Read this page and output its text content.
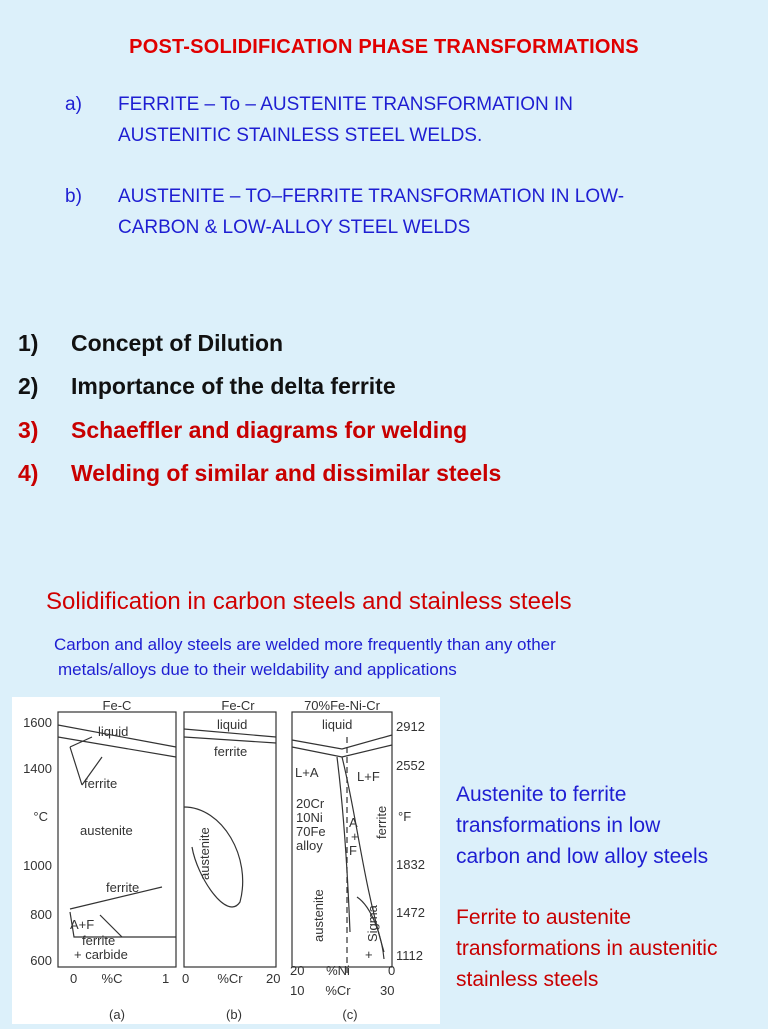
POST-SOLIDIFICATION PHASE TRANSFORMATIONS
a) FERRITE – To – AUSTENITE TRANSFORMATION IN
AUSTENITIC STAINLESS STEEL WELDS.
b) AUSTENITE – TO–FERRITE TRANSFORMATION IN LOW-
CARBON & LOW-ALLOY STEEL WELDS
1) Concept of Dilution
2) Importance of the delta ferrite
3) Schaeffler and diagrams for welding
4) Welding of similar and dissimilar steels
Solidification in carbon steels and stainless steels
Carbon and alloy steels are welded more frequently than any other
metals/alloys due to their weldability and applications
Fe-C	Fe-Cr	70%Fe-Ni-Cr
1600
1400
°C
1000
800
600
liquid
ferrite
austenite
ferrite
A+F
ferrite
+ carbide
0 %C	1
(a)
liquid
ferrite
austenite
0 %Cr 20
(b)
liquid
L+A	L+F
20Cr
10Ni
70Fe
alloy
A
+
F
ferrite
austenite	Sigma
+
20 %Ni	0
10 %Cr 30
(c)
2912
2552
°F
1832
1472
1112
Austenite to ferrite
transformations in low
carbon and low alloy steels
Ferrite to austenite
transformations in austenitic
stainless steels
